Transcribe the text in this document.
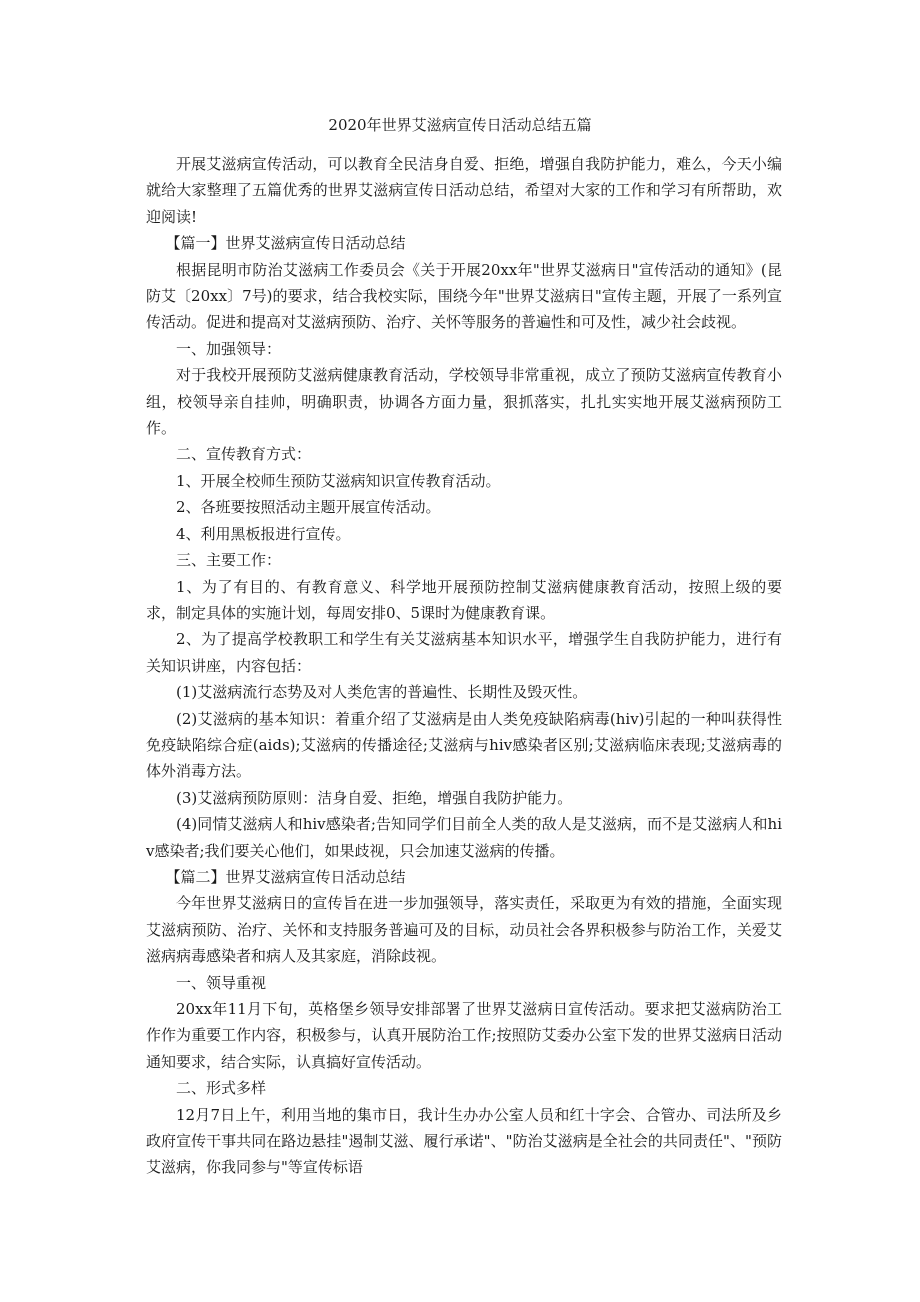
2020年世界艾滋病宣传日活动总结五篇

开展艾滋病宣传活动，可以教育全民洁身自爱、拒绝，增强自我防护能力，难么，今天小编就给大家整理了五篇优秀的世界艾滋病宣传日活动总结，希望对大家的工作和学习有所帮助，欢迎阅读!

【篇一】世界艾滋病宣传日活动总结

根据昆明市防治艾滋病工作委员会《关于开展20xx年"世界艾滋病日"宣传活动的通知》(昆防艾〔20xx〕7号)的要求，结合我校实际，围绕今年"世界艾滋病日"宣传主题，开展了一系列宣传活动。促进和提高对艾滋病预防、治疗、关怀等服务的普遍性和可及性，减少社会歧视。

一、加强领导：

对于我校开展预防艾滋病健康教育活动，学校领导非常重视，成立了预防艾滋病宣传教育小组，校领导亲自挂帅，明确职责，协调各方面力量，狠抓落实，扎扎实实地开展艾滋病预防工作。

二、宣传教育方式：

1、开展全校师生预防艾滋病知识宣传教育活动。

2、各班要按照活动主题开展宣传活动。

4、利用黑板报进行宣传。

三、主要工作：

1、为了有目的、有教育意义、科学地开展预防控制艾滋病健康教育活动，按照上级的要求，制定具体的实施计划，每周安排0、5课时为健康教育课。

2、为了提高学校教职工和学生有关艾滋病基本知识水平，增强学生自我防护能力，进行有关知识讲座，内容包括：

(1)艾滋病流行态势及对人类危害的普遍性、长期性及毁灭性。

(2)艾滋病的基本知识：着重介绍了艾滋病是由人类免疫缺陷病毒(hiv)引起的一种叫获得性免疫缺陷综合症(aids);艾滋病的传播途径;艾滋病与hiv感染者区别;艾滋病临床表现;艾滋病毒的体外消毒方法。

(3)艾滋病预防原则：洁身自爱、拒绝，增强自我防护能力。

(4)同情艾滋病人和hiv感染者;告知同学们目前全人类的敌人是艾滋病，而不是艾滋病人和hiv感染者;我们要关心他们，如果歧视，只会加速艾滋病的传播。

【篇二】世界艾滋病宣传日活动总结

今年世界艾滋病日的宣传旨在进一步加强领导，落实责任，采取更为有效的措施，全面实现艾滋病预防、治疗、关怀和支持服务普遍可及的目标，动员社会各界积极参与防治工作，关爱艾滋病病毒感染者和病人及其家庭，消除歧视。

一、领导重视

20xx年11月下旬，英格堡乡领导安排部署了世界艾滋病日宣传活动。要求把艾滋病防治工作作为重要工作内容，积极参与，认真开展防治工作;按照防艾委办公室下发的世界艾滋病日活动通知要求，结合实际，认真搞好宣传活动。

二、形式多样

12月7日上午，利用当地的集市日，我计生办办公室人员和红十字会、合管办、司法所及乡政府宣传干事共同在路边悬挂"遏制艾滋、履行承诺"、"防治艾滋病是全社会的共同责任"、"预防艾滋病，你我同参与"等宣传标语
